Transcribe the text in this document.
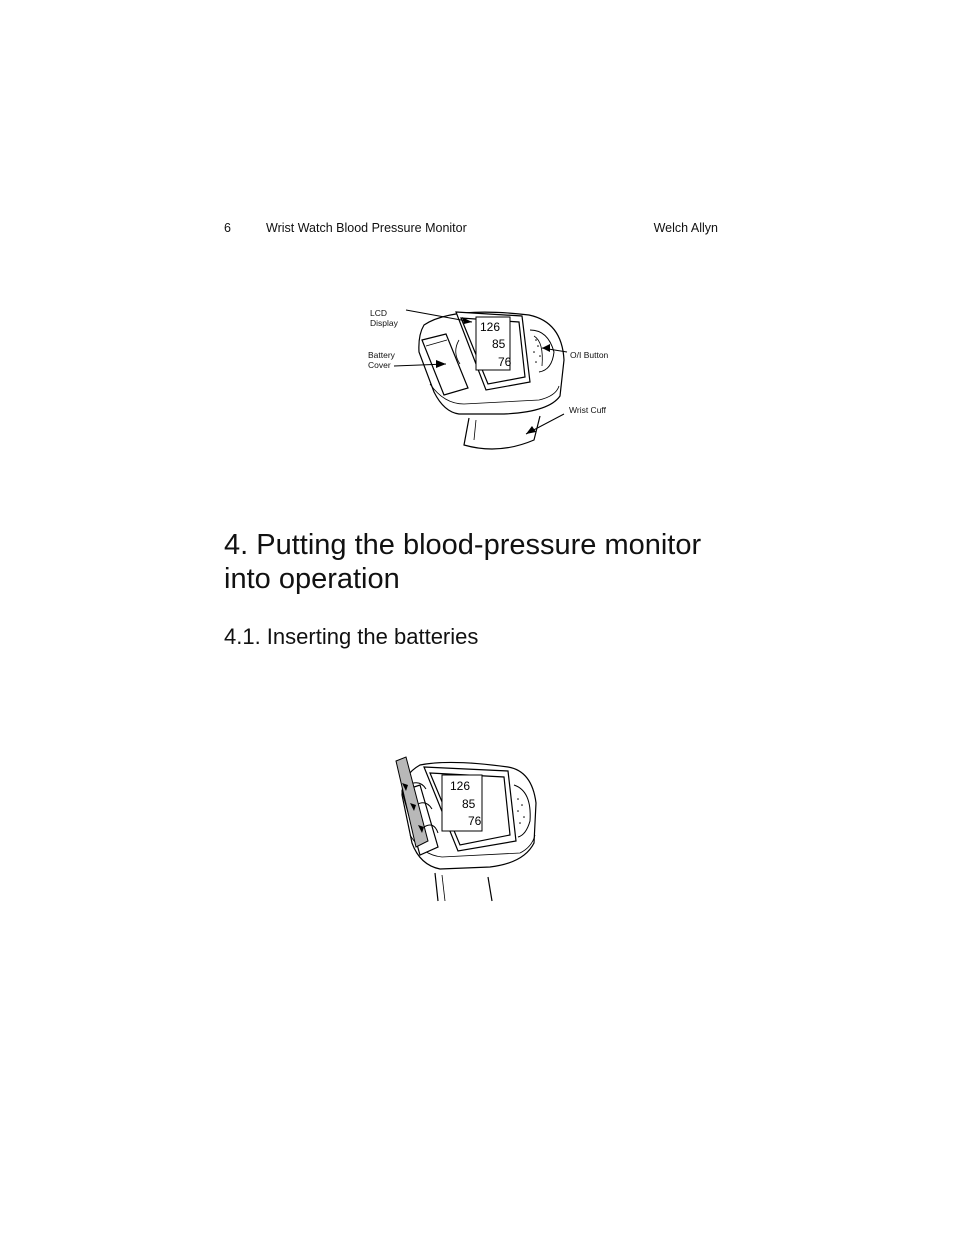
6	Wrist Watch Blood Pressure Monitor	Welch Allyn
126
85
76
LCD
Display
Battery
Cover
O/I Button
Wrist Cuff
4. Putting the blood-pressure monitor
into operation
4.1. Inserting the batteries
126
85
76
